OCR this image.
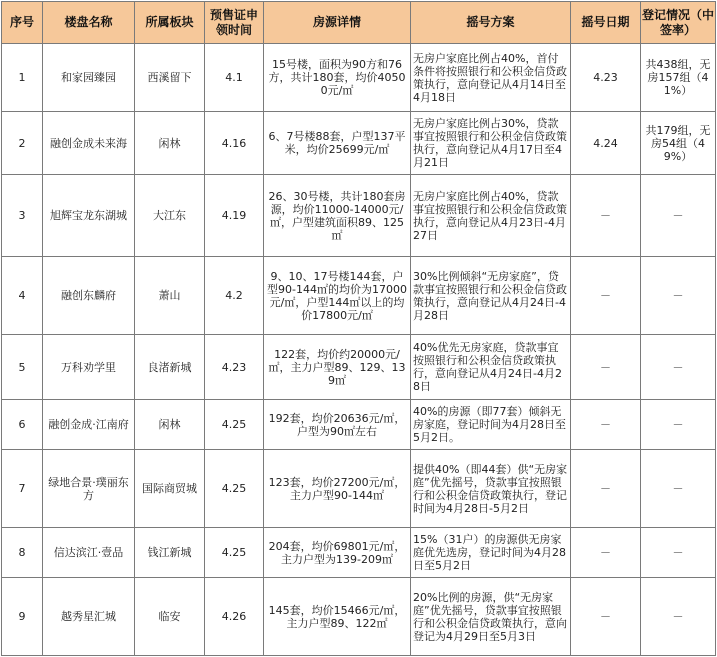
序号	楼盘名称	所属板块	预售证申领时间	房源详情	摇号方案	摇号日期	登记情况（中签率）
1	和家园臻园	西溪留下	4.1	15号楼，面积为90方和76方，共计180套，均价40500元/㎡	无房户家庭比例占40%，首付条件将按照银行和公积金信贷政策执行，意向登记从4月14日至4月18日	4.23	共438组，无房157组（41%）
2	融创金成未来海	闲林	4.16	6、7号楼88套，户型137平米，均价25699元/㎡	无房户家庭比例占30%，贷款事宜按照银行和公积金信贷政策执行，意向登记从4月17日至4月21日	4.24	共179组，无房54组（49%）
3	旭辉宝龙东湖城	大江东	4.19	26、30号楼，共计180套房源，均价11000-14000元/㎡，户型建筑面积89、125㎡	无房户家庭比例占40%，贷款事宜按照银行和公积金信贷政策执行，意向登记从4月23日-4月27日	－	－
4	融创东麟府	萧山	4.2	9、10、17号楼144套，户型90-144㎡的均价为17000元/㎡，户型144㎡以上的均价17800元/㎡	30%比例倾斜“无房家庭”，贷款事宜按照银行和公积金信贷政策执行，意向登记从4月24日-4月28日	－	－
5	万科劝学里	良渚新城	4.23	122套，均价约20000元/㎡，主力户型89、129、139㎡	40%优先无房家庭，贷款事宜按照银行和公积金信贷政策执行，意向登记从4月24日-4月28日	－	－
6	融创金成·江南府	闲林	4.25	192套，均价20636元/㎡，户型为90㎡左右	40%的房源（即77套）倾斜无房家庭，登记时间为4月28日至5月2日。	－	－
7	绿地合景·璞丽东方	国际商贸城	4.25	123套，均价27200元/㎡，主力户型90-144㎡	提供40%（即44套）供“无房家庭”优先摇号，贷款事宜按照银行和公积金信贷政策执行，登记时间为4月28日-5月2日	－	－
8	信达滨江·壹品	钱江新城	4.25	204套，均价69801元/㎡，主力户型为139-209㎡	15%（31户）的房源供无房家庭优先选房，登记时间为4月28日至5月2日	－	－
9	越秀星汇城	临安	4.26	145套，均价15466元/㎡，主力户型89、122㎡	20%比例的房源，供“无房家庭”优先摇号，贷款事宜按照银行和公积金信贷政策执行，意向登记为4月29日至5月3日	－	－
